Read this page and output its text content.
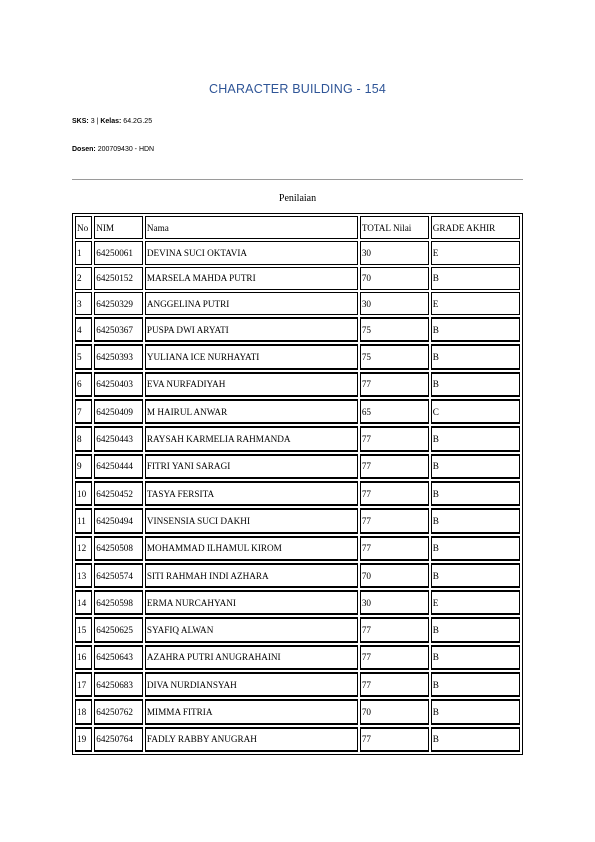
CHARACTER BUILDING - 154
SKS: 3 | Kelas: 64.2G.25
Dosen: 200709430 - HDN
Penilaian
No	NIM	Nama	TOTAL Nilai	GRADE AKHIR
1	64250061	DEVINA SUCI OKTAVIA	30	E
2	64250152	MARSELA MAHDA PUTRI	70	B
3	64250329	ANGGELINA PUTRI	30	E
4	64250367	PUSPA DWI ARYATI	75	B
5	64250393	YULIANA ICE NURHAYATI	75	B
6	64250403	EVA NURFADIYAH	77	B
7	64250409	M HAIRUL ANWAR	65	C
8	64250443	RAYSAH KARMELIA RAHMANDA	77	B
9	64250444	FITRI YANI SARAGI	77	B
10	64250452	TASYA FERSITA	77	B
11	64250494	VINSENSIA SUCI DAKHI	77	B
12	64250508	MOHAMMAD ILHAMUL KIROM	77	B
13	64250574	SITI RAHMAH INDI AZHARA	70	B
14	64250598	ERMA NURCAHYANI	30	E
15	64250625	SYAFIQ ALWAN	77	B
16	64250643	AZAHRA PUTRI ANUGRAHAINI	77	B
17	64250683	DIVA NURDIANSYAH	77	B
18	64250762	MIMMA FITRIA	70	B
19	64250764	FADLY RABBY ANUGRAH	77	B
